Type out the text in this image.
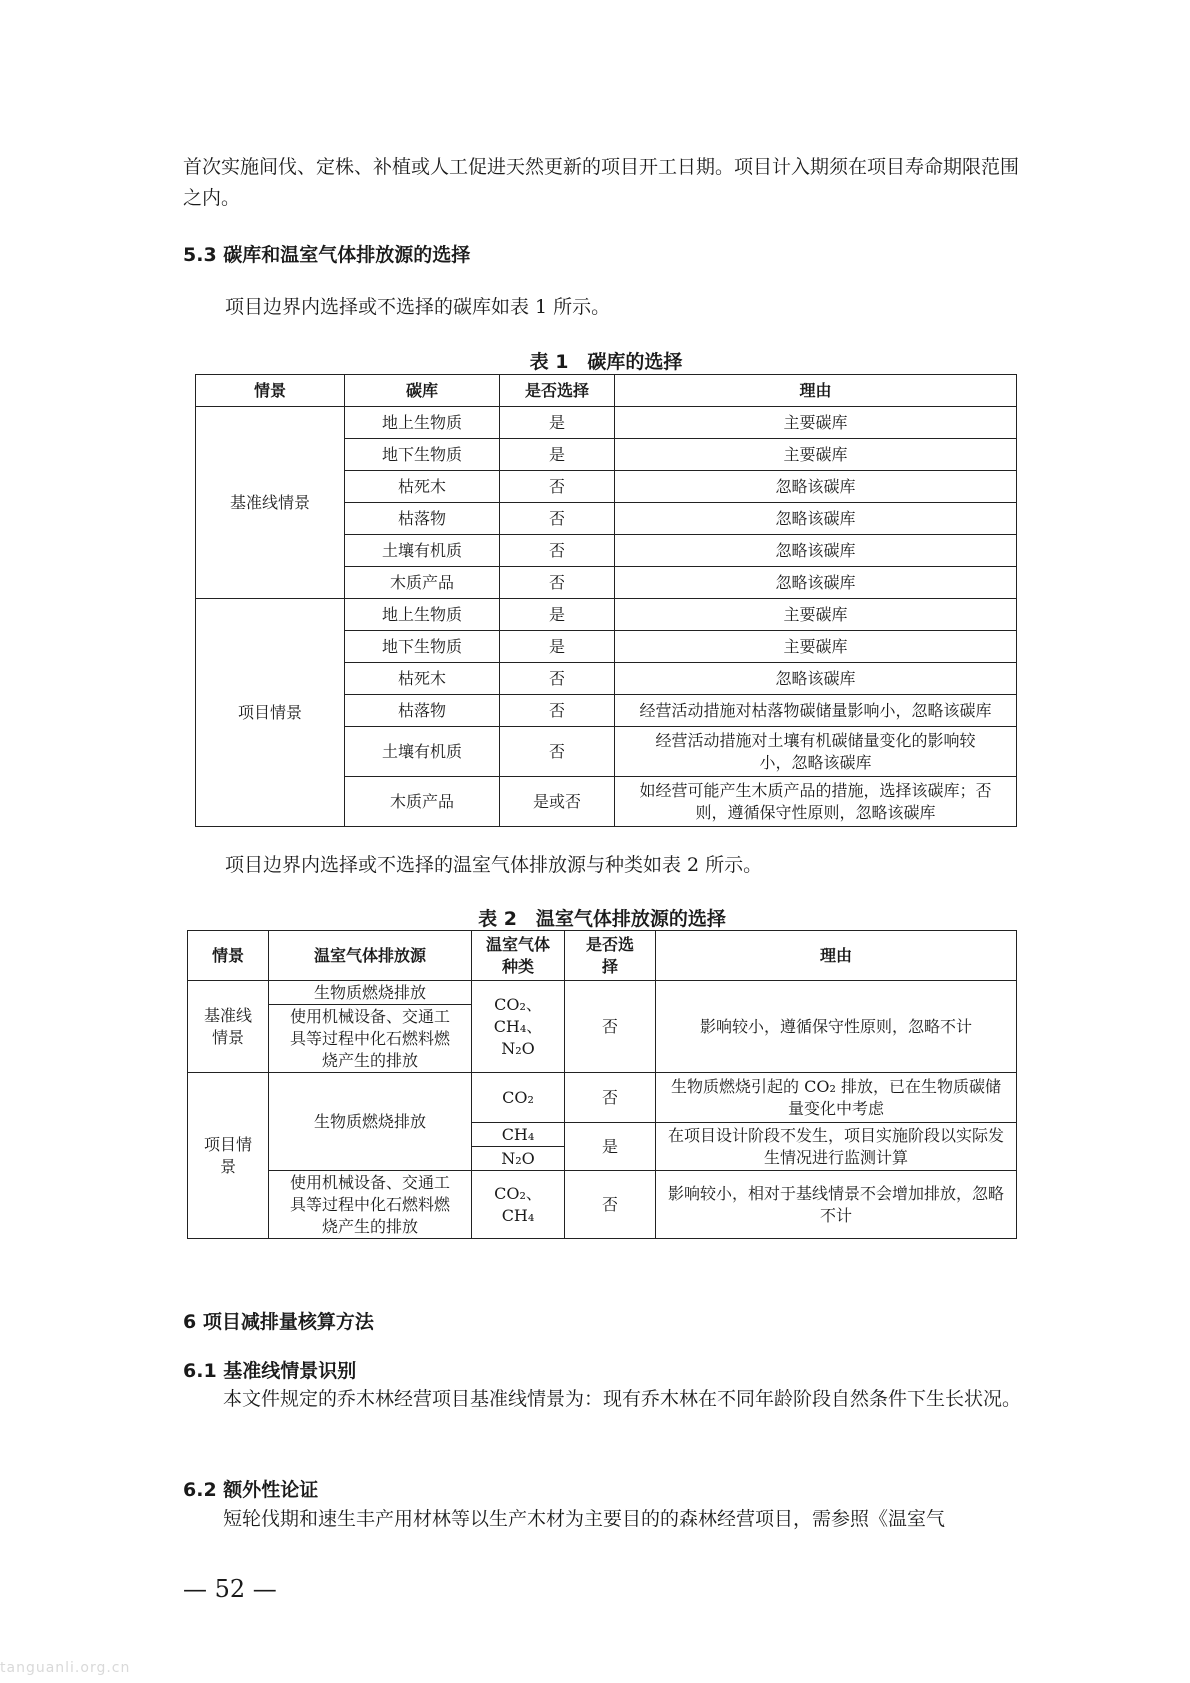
首次实施间伐、定株、补植或人工促进天然更新的项目开工日期。项目计入期须在项目寿命期限范围之内。

5.3 碳库和温室气体排放源的选择

项目边界内选择或不选择的碳库如表 1 所示。

表 1　碳库的选择

情景	碳库	是否选择	理由
基准线情景	地上生物质	是	主要碳库
	地下生物质	是	主要碳库
	枯死木	否	忽略该碳库
	枯落物	否	忽略该碳库
	土壤有机质	否	忽略该碳库
	木质产品	否	忽略该碳库
项目情景	地上生物质	是	主要碳库
	地下生物质	是	主要碳库
	枯死木	否	忽略该碳库
	枯落物	否	经营活动措施对枯落物碳储量影响小，忽略该碳库
	土壤有机质	否	经营活动措施对土壤有机碳储量变化的影响较小，忽略该碳库
	木质产品	是或否	如经营可能产生木质产品的措施，选择该碳库；否则，遵循保守性原则，忽略该碳库

项目边界内选择或不选择的温室气体排放源与种类如表 2 所示。

表 2　温室气体排放源的选择

情景	温室气体排放源	温室气体种类	是否选择	理由
基准线情景	生物质燃烧排放	CO₂、CH₄、N₂O	否	影响较小，遵循保守性原则，忽略不计
	使用机械设备、交通工具等过程中化石燃料燃烧产生的排放			
项目情景	生物质燃烧排放	CO₂	否	生物质燃烧引起的 CO₂ 排放，已在生物质碳储量变化中考虑
		CH₄	是	在项目设计阶段不发生，项目实施阶段以实际发生情况进行监测计算
		N₂O		
	使用机械设备、交通工具等过程中化石燃料燃烧产生的排放	CO₂、CH₄	否	影响较小，相对于基线情景不会增加排放，忽略不计

6 项目减排量核算方法

6.1 基准线情景识别

本文件规定的乔木林经营项目基准线情景为：现有乔木林在不同年龄阶段自然条件下生长状况。

6.2 额外性论证

短轮伐期和速生丰产用材林等以生产木材为主要目的的森林经营项目，需参照《温室气

— 52 —
tanguanli.org.cn
